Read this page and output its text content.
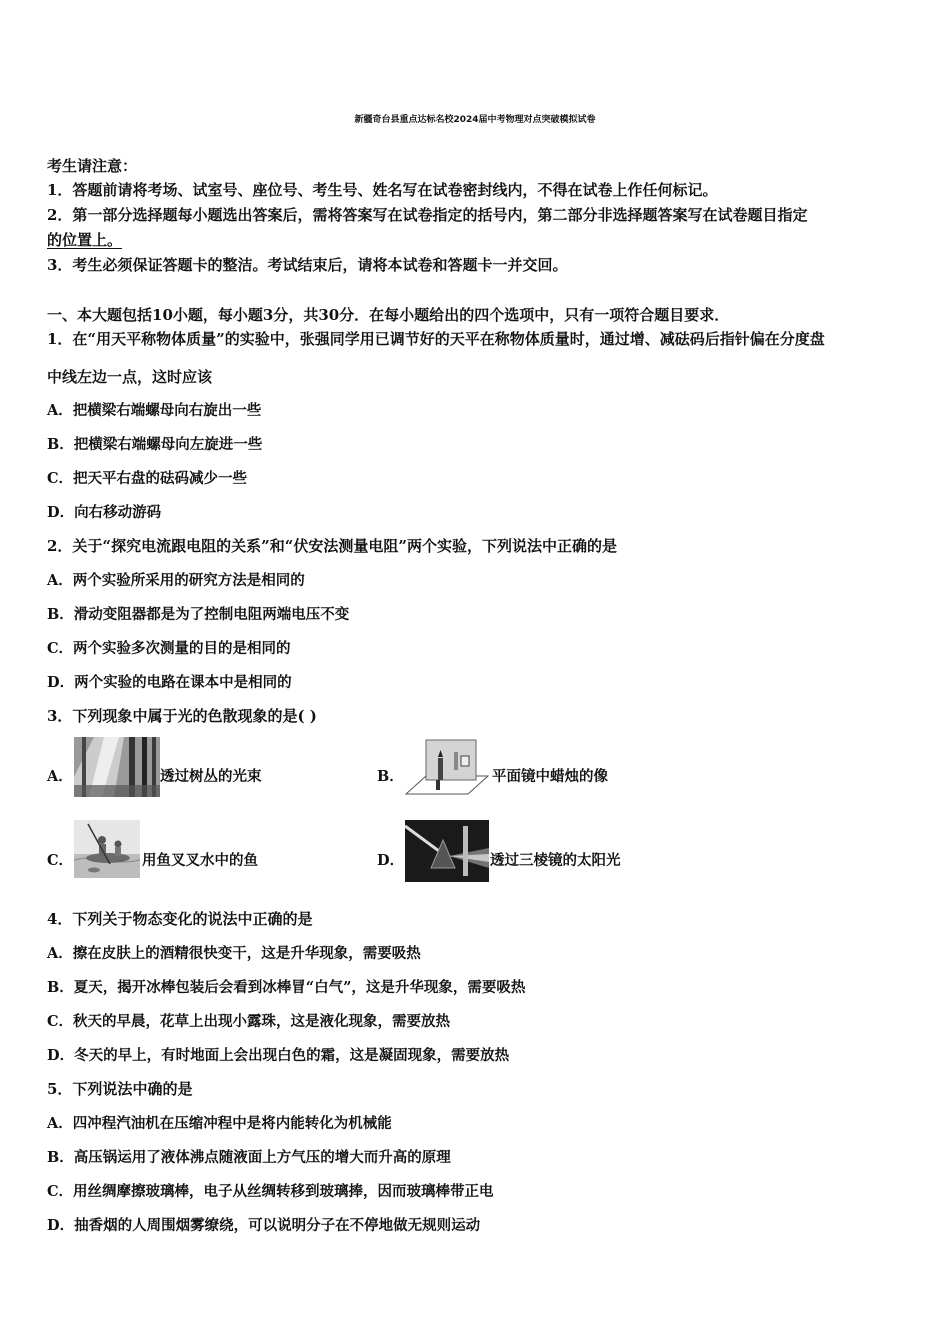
新疆奇台县重点达标名校2024届中考物理对点突破模拟试卷
考生请注意：
1．答题前请将考场、试室号、座位号、考生号、姓名写在试卷密封线内，不得在试卷上作任何标记。
2．第一部分选择题每小题选出答案后，需将答案写在试卷指定的括号内，第二部分非选择题答案写在试卷题目指定
的位置上。
3．考生必须保证答题卡的整洁。考试结束后，请将本试卷和答题卡一并交回。
一、本大题包括10小题，每小题3分，共30分．在每小题给出的四个选项中，只有一项符合题目要求．
1．在“用天平称物体质量”的实验中，张强同学用已调节好的天平在称物体质量时，通过增、减砝码后指针偏在分度盘
中线左边一点，这时应该
A．把横梁右端螺母向右旋出一些
B．把横梁右端螺母向左旋进一些
C．把天平右盘的砝码减少一些
D．向右移动游码
2．关于“探究电流跟电阻的关系”和“伏安法测量电阻”两个实验，下列说法中正确的是
A．两个实验所采用的研究方法是相同的
B．滑动变阻器都是为了控制电阻两端电压不变
C．两个实验多次测量的目的是相同的
D．两个实验的电路在课本中是相同的
3．下列现象中属于光的色散现象的是( )
A．	透过树丛的光束	B．	平面镜中蜡烛的像
C．	用鱼叉叉水中的鱼	D．	透过三棱镜的太阳光
4．下列关于物态变化的说法中正确的是
A．擦在皮肤上的酒精很快变干，这是升华现象，需要吸热
B．夏天，揭开冰棒包装后会看到冰棒冒“白气”，这是升华现象，需要吸热
C．秋天的早晨，花草上出现小露珠，这是液化现象，需要放热
D．冬天的早上，有时地面上会出现白色的霜，这是凝固现象，需要放热
5．下列说法中确的是
A．四冲程汽油机在压缩冲程中是将内能转化为机械能
B．高压锅运用了液体沸点随液面上方气压的增大而升高的原理
C．用丝绸摩擦玻璃棒，电子从丝绸转移到玻璃捧，因而玻璃棒带正电
D．抽香烟的人周围烟雾缭绕，可以说明分子在不停地做无规则运动
